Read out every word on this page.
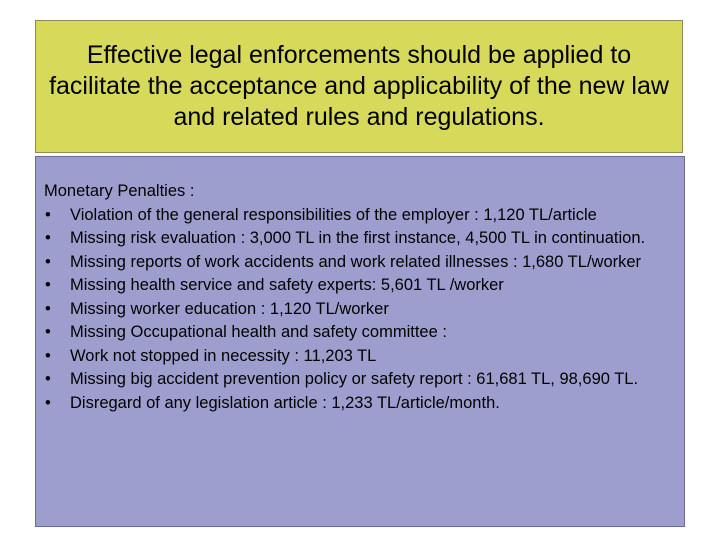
Effective legal enforcements should be applied to facilitate the acceptance and applicability of the new law and related rules and regulations.

Monetary Penalties :
• Violation of the general responsibilities of the employer : 1,120 TL/article
• Missing risk evaluation : 3,000 TL in the first instance, 4,500 TL in continuation.
• Missing reports of work accidents and work related illnesses : 1,680 TL/worker
• Missing health service and safety experts: 5,601 TL /worker
• Missing worker education : 1,120 TL/worker
• Missing Occupational health and safety committee :
• Work not stopped in necessity : 11,203 TL
• Missing big accident prevention policy or safety report : 61,681 TL, 98,690 TL.
• Disregard of any legislation article : 1,233 TL/article/month.
